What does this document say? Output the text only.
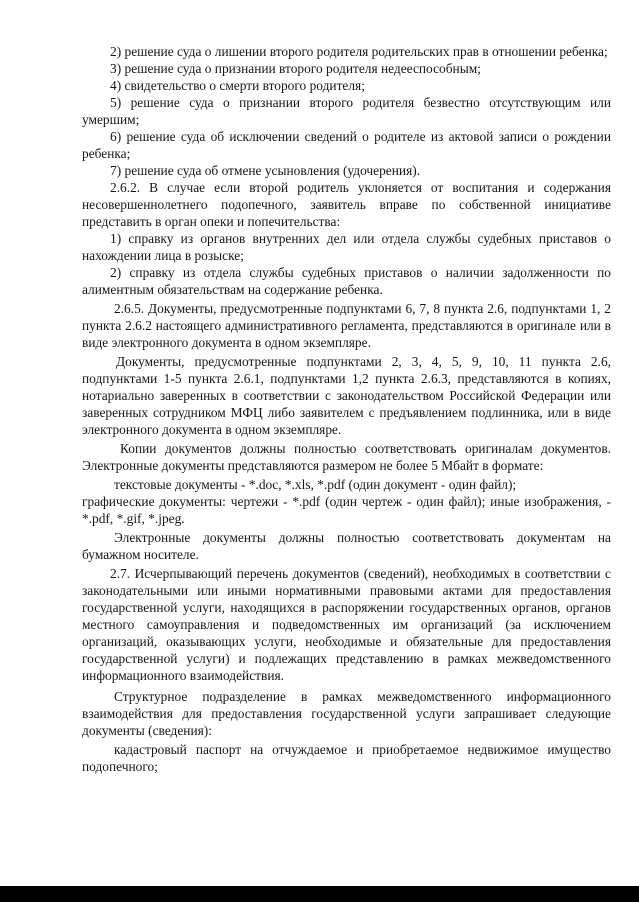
2) решение суда о лишении второго родителя родительских прав в отношении ребенка;

3) решение суда о признании второго родителя недееспособным;

4) свидетельство о смерти второго родителя;

5) решение суда о признании второго родителя безвестно отсутствующим или умершим;

6) решение суда об исключении сведений о родителе из актовой записи о рождении ребенка;

7) решение суда об отмене усыновления (удочерения).

2.6.2. В случае если второй родитель уклоняется от воспитания и содержания несовершеннолетнего подопечного, заявитель вправе по собственной инициативе представить в орган опеки и попечительства:

1) справку из органов внутренних дел или отдела службы судебных приставов о нахождении лица в розыске;

2) справку из отдела службы судебных приставов о наличии задолженности по алиментным обязательствам на содержание ребенка.

2.6.5. Документы, предусмотренные подпунктами 6, 7, 8 пункта 2.6, подпунктами 1, 2 пункта 2.6.2 настоящего административного регламента, представляются в оригинале или в виде электронного документа в одном экземпляре.

Документы, предусмотренные подпунктами 2, 3, 4, 5, 9, 10, 11 пункта 2.6, подпунктами 1-5 пункта 2.6.1, подпунктами 1,2 пункта 2.6.3, представляются в копиях, нотариально заверенных в соответствии с законодательством Российской Федерации или заверенных сотрудником МФЦ либо заявителем с предъявлением подлинника, или в виде электронного документа в одном экземпляре.

Копии документов должны полностью соответствовать оригиналам документов. Электронные документы представляются размером не более 5 Мбайт в формате:

текстовые документы - *.doc, *.xls, *.pdf (один документ - один файл);

графические документы: чертежи - *.pdf (один чертеж - один файл); иные изображения, - *.pdf, *.gif, *.jpeg.

Электронные документы должны полностью соответствовать документам на бумажном носителе.

2.7. Исчерпывающий перечень документов (сведений), необходимых в соответствии с законодательными или иными нормативными правовыми актами для предоставления государственной услуги, находящихся в распоряжении государственных органов, органов местного самоуправления и подведомственных им организаций (за исключением организаций, оказывающих услуги, необходимые и обязательные для предоставления государственной услуги) и подлежащих представлению в рамках межведомственного информационного взаимодействия.

Структурное подразделение в рамках межведомственного информационного взаимодействия для предоставления государственной услуги запрашивает следующие документы (сведения):

кадастровый паспорт на отчуждаемое и приобретаемое недвижимое имущество подопечного;
